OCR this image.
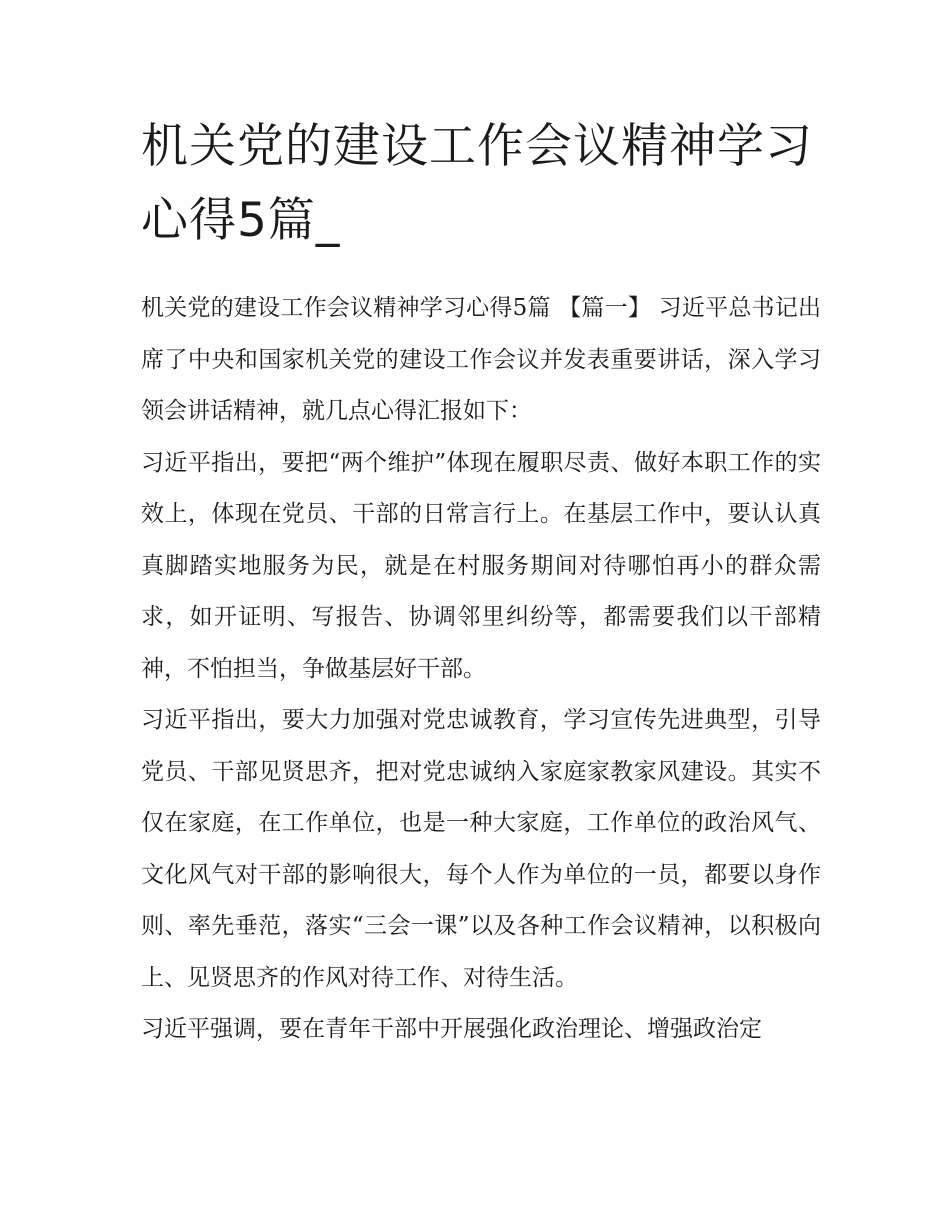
机关党的建设工作会议精神学习心得5篇_

机关党的建设工作会议精神学习心得5篇 【篇一】 习近平总书记出席了中央和国家机关党的建设工作会议并发表重要讲话，深入学习领会讲话精神，就几点心得汇报如下：

习近平指出，要把“两个维护”体现在履职尽责、做好本职工作的实效上，体现在党员、干部的日常言行上。在基层工作中，要认认真真脚踏实地服务为民，就是在村服务期间对待哪怕再小的群众需求，如开证明、写报告、协调邻里纠纷等，都需要我们以干部精神，不怕担当，争做基层好干部。

习近平指出，要大力加强对党忠诚教育，学习宣传先进典型，引导党员、干部见贤思齐，把对党忠诚纳入家庭家教家风建设。其实不仅在家庭，在工作单位，也是一种大家庭，工作单位的政治风气、文化风气对干部的影响很大，每个人作为单位的一员，都要以身作则、率先垂范，落实“三会一课”以及各种工作会议精神，以积极向上、见贤思齐的作风对待工作、对待生活。

习近平强调，要在青年干部中开展强化政治理论、增强政治定
